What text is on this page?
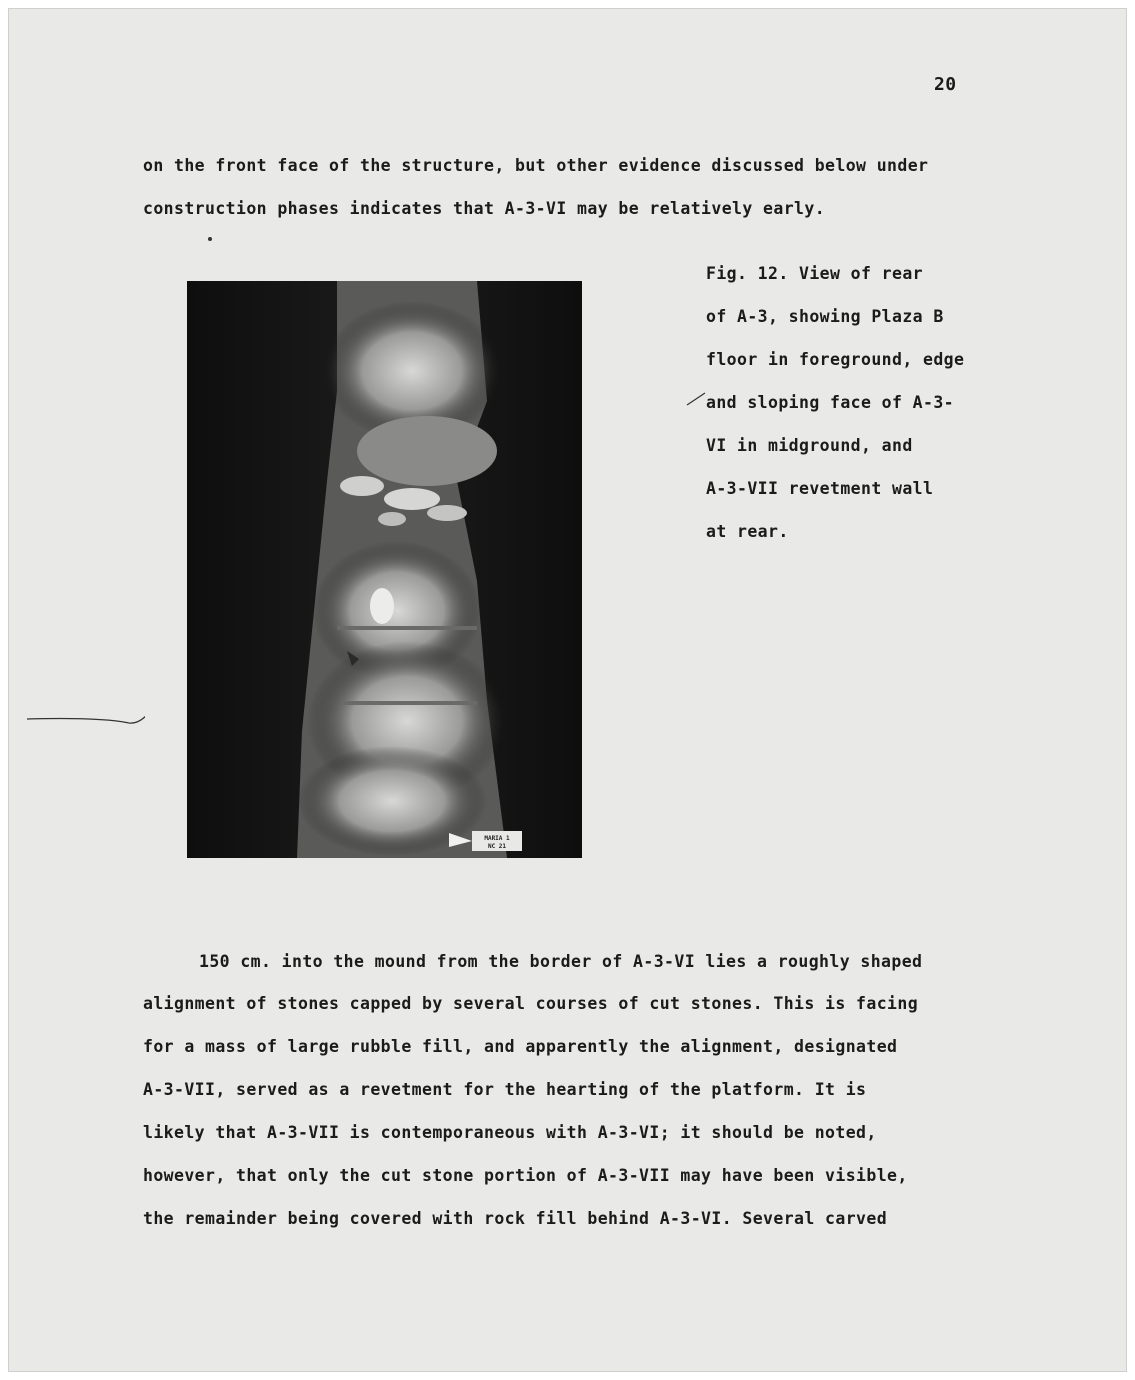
20
on the front face of the structure, but other evidence discussed below under
construction phases indicates that A-3-VI may be relatively early.
MARIA 1
NC 21
Fig. 12. View of rear
of A-3, showing Plaza B
floor in foreground, edge
and sloping face of A-3-
VI in midground, and
A-3-VII revetment wall
at rear.
150 cm. into the mound from the border of A-3-VI lies a roughly shaped
alignment of stones capped by several courses of cut stones. This is facing
for a mass of large rubble fill, and apparently the alignment, designated
A-3-VII, served as a revetment for the hearting of the platform. It is
likely that A-3-VII is contemporaneous with A-3-VI; it should be noted,
however, that only the cut stone portion of A-3-VII may have been visible,
the remainder being covered with rock fill behind A-3-VI. Several carved
